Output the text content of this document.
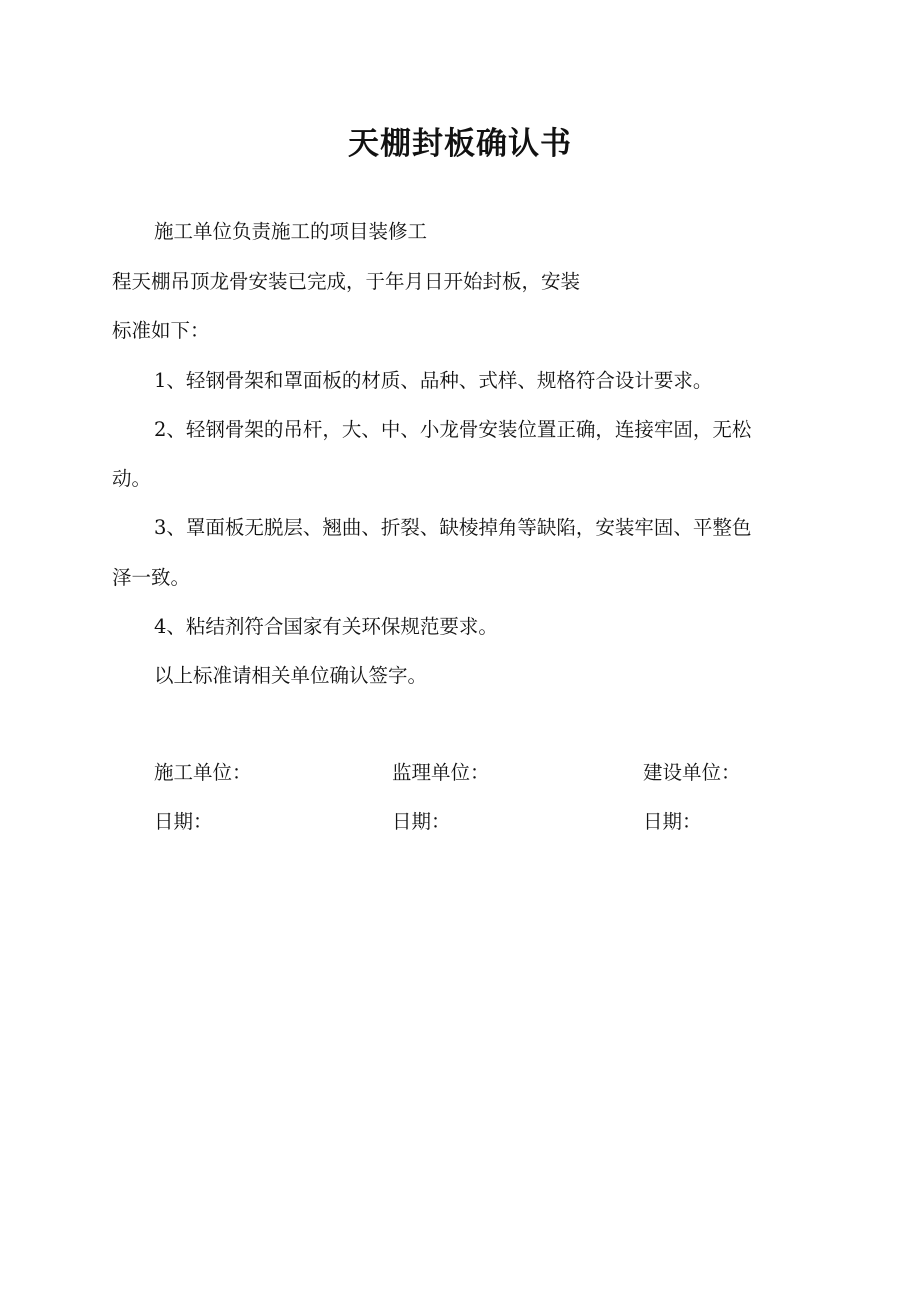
天棚封板确认书
施工单位负责施工的项目装修工
程天棚吊顶龙骨安装已完成，于年月日开始封板，安装
标准如下：
1、轻钢骨架和罩面板的材质、品种、式样、规格符合设计要求。
2、轻钢骨架的吊杆，大、中、小龙骨安装位置正确，连接牢固，无松
动。
3、罩面板无脱层、翘曲、折裂、缺棱掉角等缺陷，安装牢固、平整色
泽一致。
4、粘结剂符合国家有关环保规范要求。
以上标准请相关单位确认签字。
施工单位：	监理单位：	建设单位：
日期：	日期：	日期：
